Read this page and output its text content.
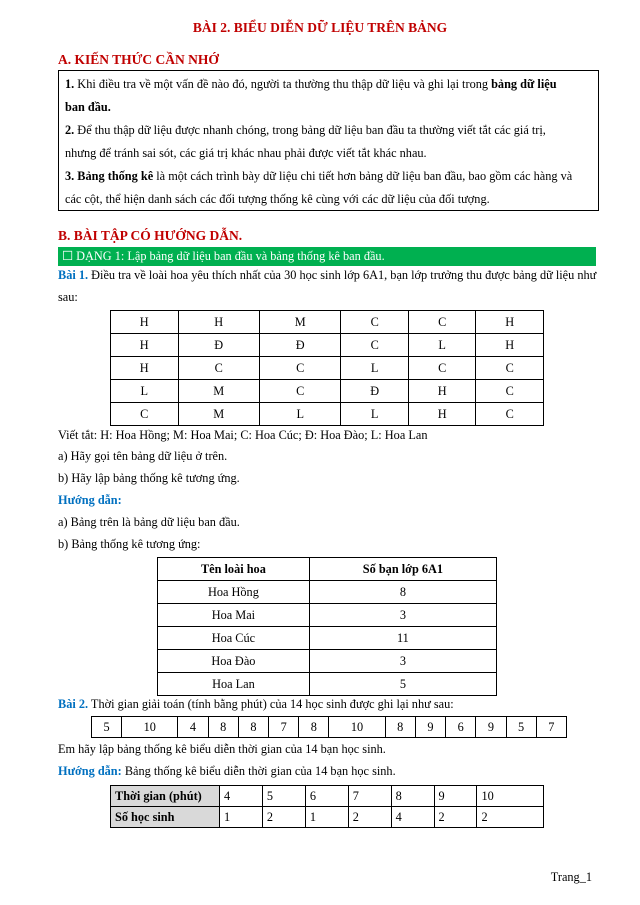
BÀI 2. BIỂU DIỄN DỮ LIỆU TRÊN BẢNG
A. KIẾN THỨC CẦN NHỚ
1. Khi điều tra về một vấn đề nào đó, người ta thường thu thập dữ liệu và ghi lại trong bảng dữ liệu
ban đầu.
2. Để thu thập dữ liệu được nhanh chóng, trong bảng dữ liệu ban đầu ta thường viết tắt các giá trị,
nhưng để tránh sai sót, các giá trị khác nhau phải được viết tắt khác nhau.
3. Bảng thống kê là một cách trình bày dữ liệu chi tiết hơn bảng dữ liệu ban đầu, bao gồm các hàng và
các cột, thể hiện danh sách các đối tượng thống kê cùng với các dữ liệu của đối tượng.
B. BÀI TẬP CÓ HƯỚNG DẪN.
☐ DẠNG 1: Lập bảng dữ liệu ban đầu và bảng thống kê ban đầu.
Bài 1. Điều tra về loài hoa yêu thích nhất của 30 học sinh lớp 6A1, bạn lớp trưởng thu được bảng dữ liệu như
sau:
H	H	M	C	C	H
H	Đ	Đ	C	L	H
H	C	C	L	C	C
L	M	C	Đ	H	C
C	M	L	L	H	C
Viết tắt: H: Hoa Hồng; M: Hoa Mai; C: Hoa Cúc; Đ: Hoa Đào; L: Hoa Lan
a) Hãy gọi tên bảng dữ liệu ở trên.
b) Hãy lập bảng thống kê tương ứng.
Hướng dẫn:
a) Bảng trên là bảng dữ liệu ban đầu.
b) Bảng thống kê tương ứng:
Tên loài hoa	Số bạn lớp 6A1
Hoa Hồng	8
Hoa Mai	3
Hoa Cúc	11
Hoa Đào	3
Hoa Lan	5
Bài 2. Thời gian giải toán (tính bằng phút) của 14 học sinh được ghi lại như sau:
5	10	4	8	8	7	8	10	8	9	6	9	5	7
Em hãy lập bảng thống kê biểu diễn thời gian của 14 bạn học sinh.
Hướng dẫn: Bảng thống kê biểu diễn thời gian của 14 bạn học sinh.
Thời gian (phút)	4	5	6	7	8	9	10
Số học sinh	1	2	1	2	4	2	2
Trang_1
